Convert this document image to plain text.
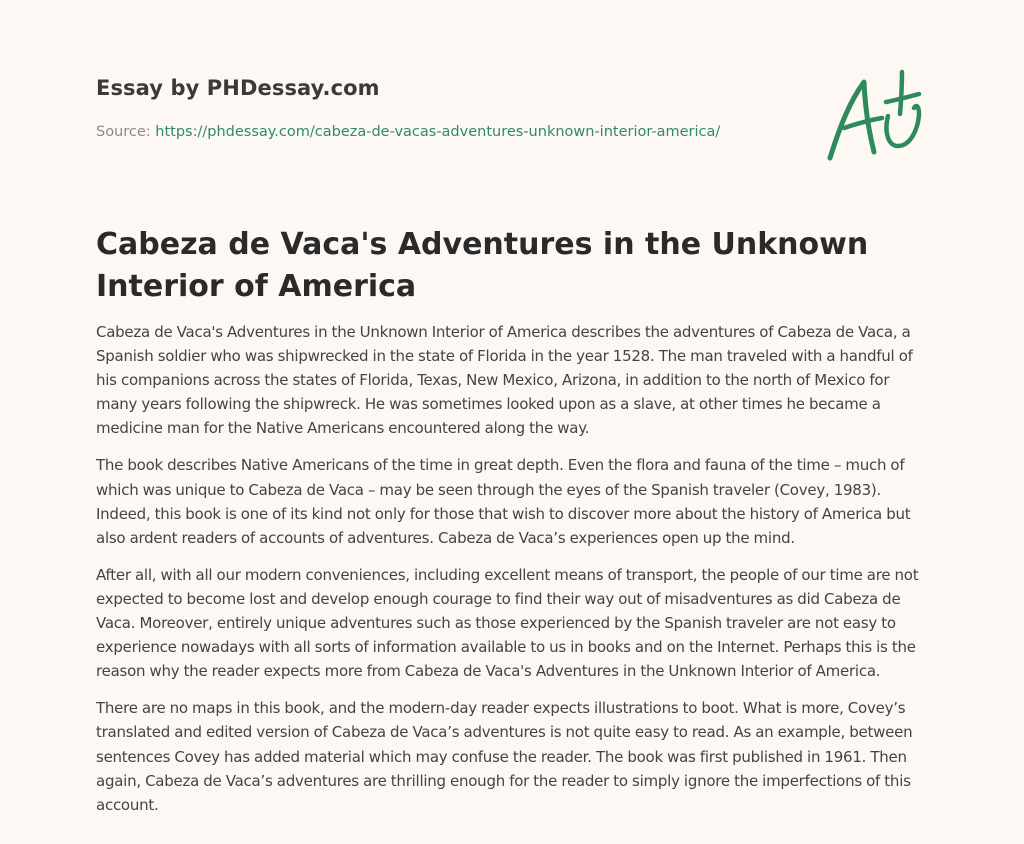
Essay by PHDessay.com
Source: https://phdessay.com/cabeza-de-vacas-adventures-unknown-interior-america/
Cabeza de Vaca's Adventures in the Unknown Interior of America

Cabeza de Vaca's Adventures in the Unknown Interior of America describes the adventures of Cabeza de Vaca, a Spanish soldier who was shipwrecked in the state of Florida in the year 1528. The man traveled with a handful of his companions across the states of Florida, Texas, New Mexico, Arizona, in addition to the north of Mexico for many years following the shipwreck. He was sometimes looked upon as a slave, at other times he became a medicine man for the Native Americans encountered along the way.

The book describes Native Americans of the time in great depth. Even the flora and fauna of the time – much of which was unique to Cabeza de Vaca – may be seen through the eyes of the Spanish traveler (Covey, 1983). Indeed, this book is one of its kind not only for those that wish to discover more about the history of America but also ardent readers of accounts of adventures. Cabeza de Vaca’s experiences open up the mind.

After all, with all our modern conveniences, including excellent means of transport, the people of our time are not expected to become lost and develop enough courage to find their way out of misadventures as did Cabeza de Vaca. Moreover, entirely unique adventures such as those experienced by the Spanish traveler are not easy to experience nowadays with all sorts of information available to us in books and on the Internet. Perhaps this is the reason why the reader expects more from Cabeza de Vaca's Adventures in the Unknown Interior of America.

There are no maps in this book, and the modern-day reader expects illustrations to boot. What is more, Covey’s translated and edited version of Cabeza de Vaca’s adventures is not quite easy to read. As an example, between sentences Covey has added material which may confuse the reader. The book was first published in 1961. Then again, Cabeza de Vaca’s adventures are thrilling enough for the reader to simply ignore the imperfections of this account.
